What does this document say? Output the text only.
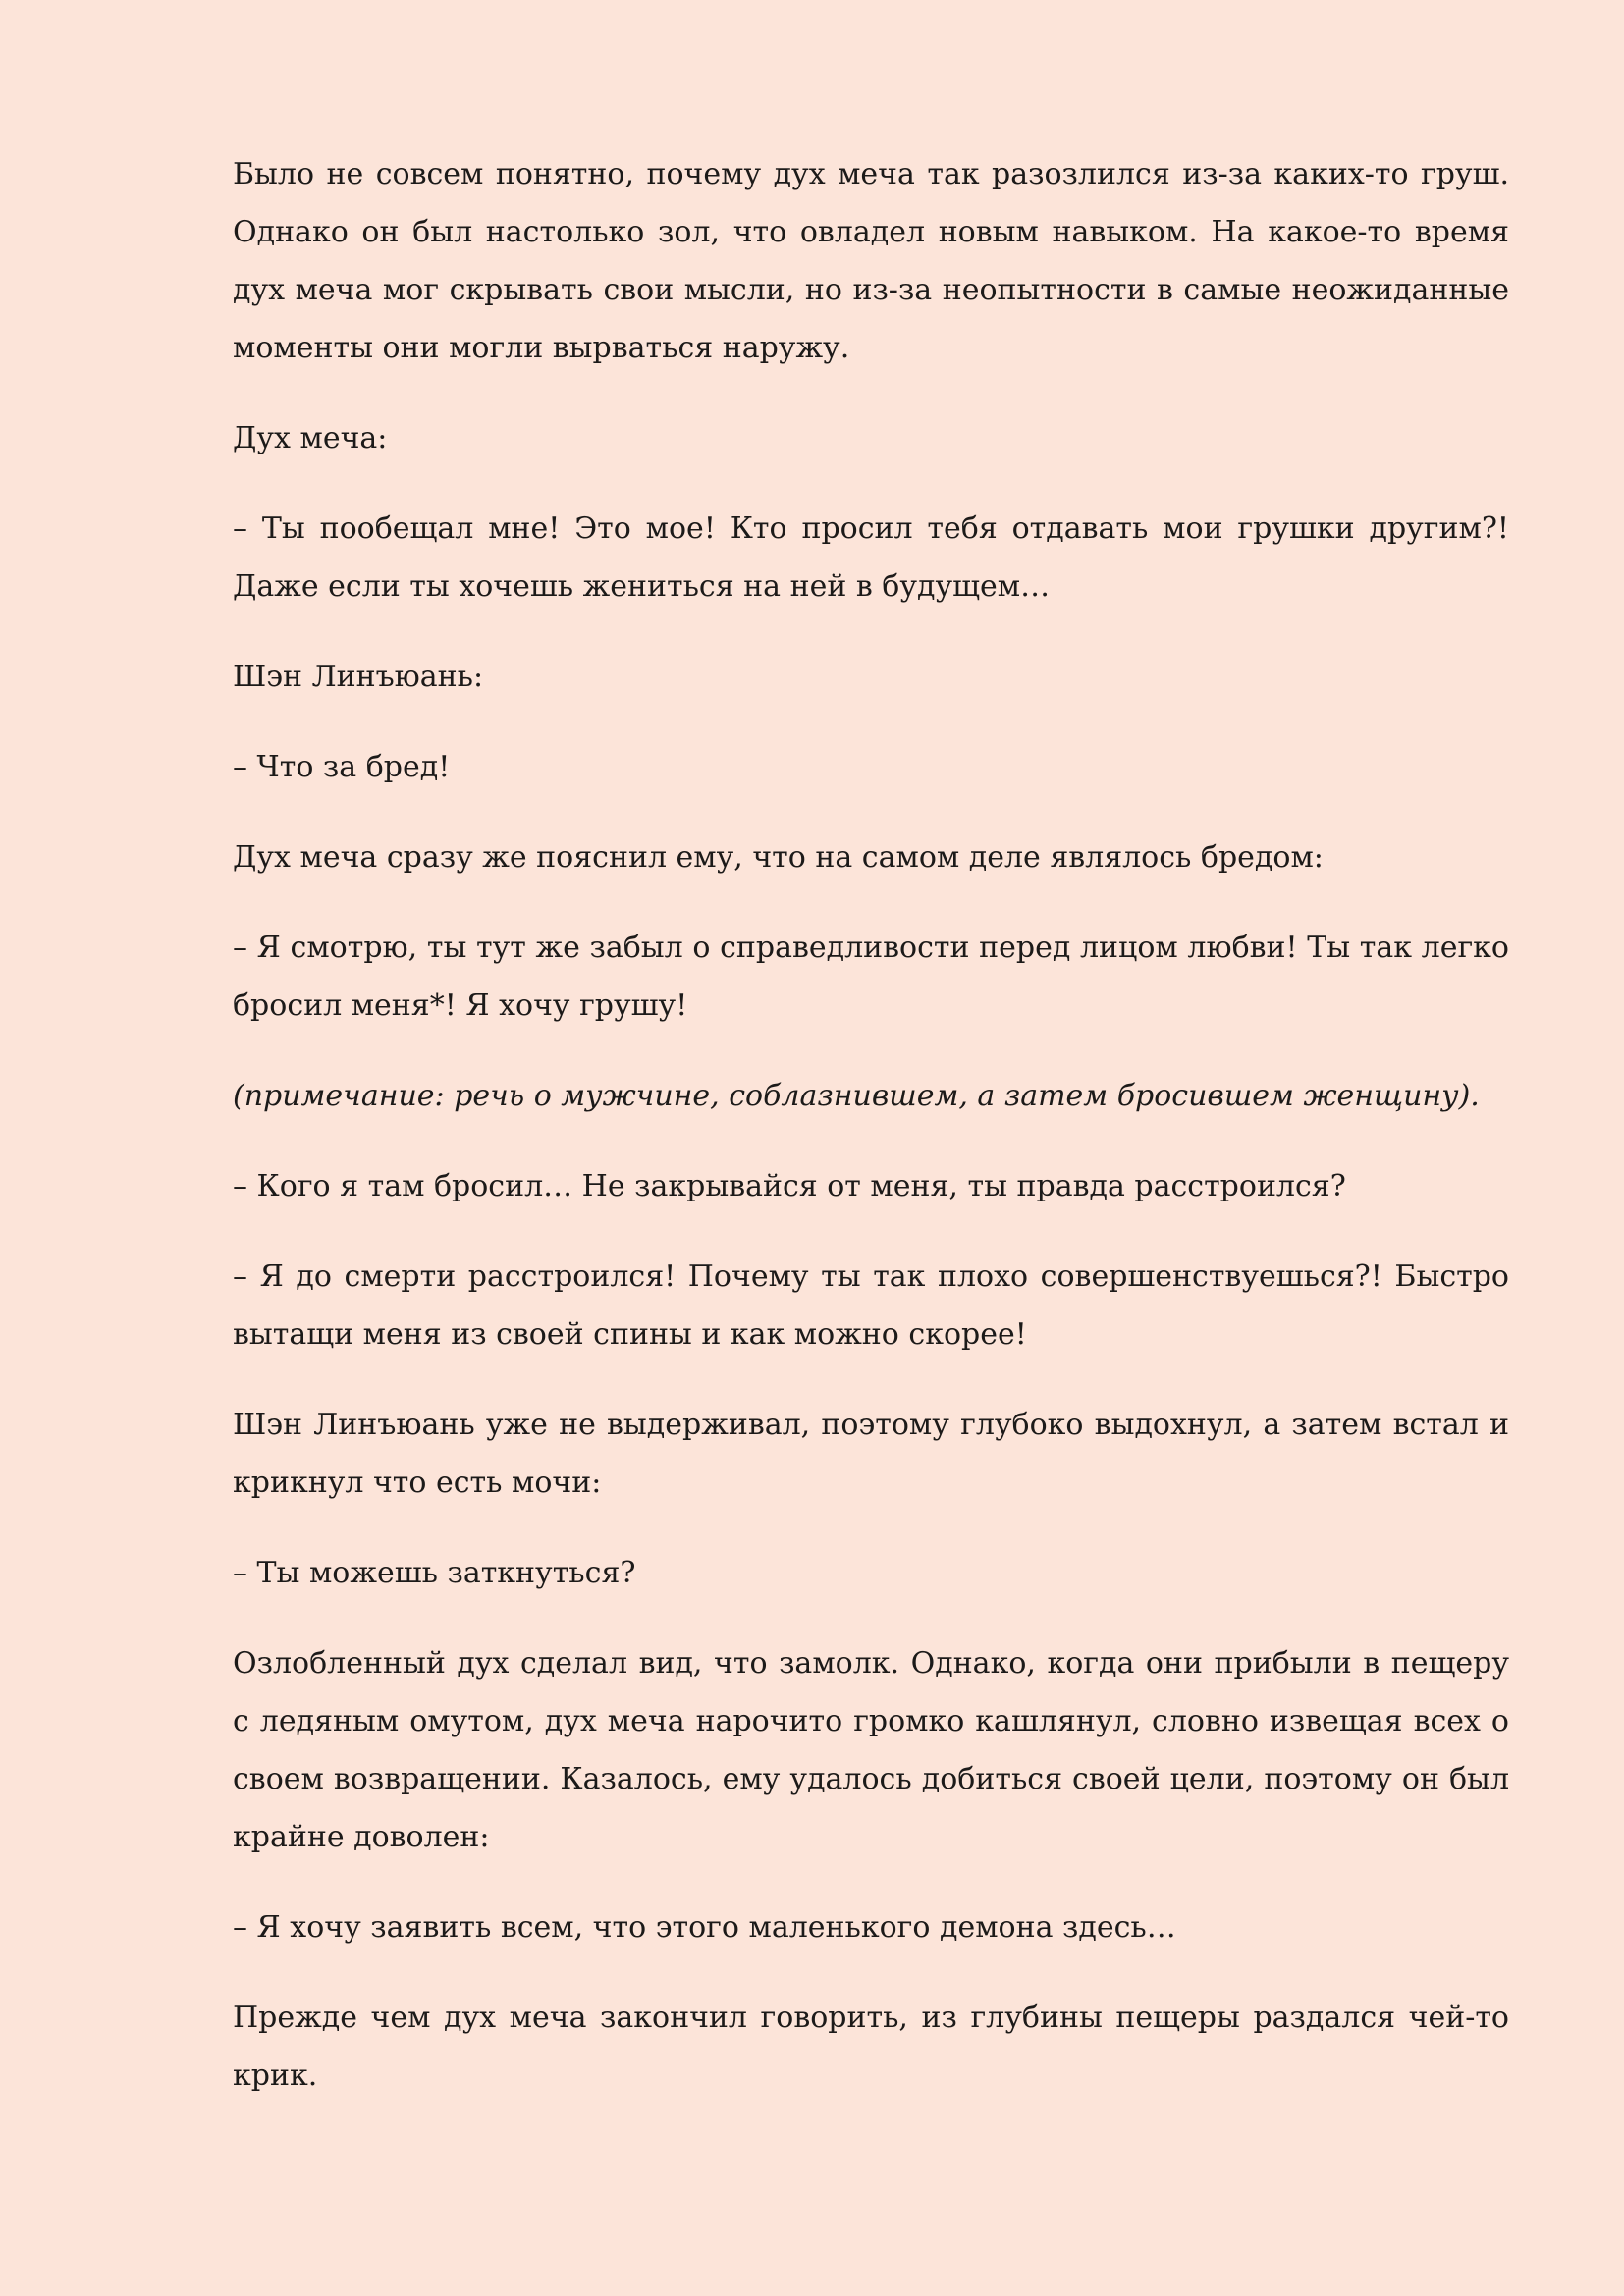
Было не совсем понятно, почему дух меча так разозлился из-за каких-то груш. Однако он был настолько зол, что овладел новым навыком. На какое-то время дух меча мог скрывать свои мысли, но из-за неопытности в самые неожиданные моменты они могли вырваться наружу.

Дух меча:

– Ты пообещал мне! Это мое! Кто просил тебя отдавать мои грушки другим?! Даже если ты хочешь жениться на ней в будущем…

Шэн Линъюань:

– Что за бред!

Дух меча сразу же пояснил ему, что на самом деле являлось бредом:

– Я смотрю, ты тут же забыл о справедливости перед лицом любви! Ты так легко бросил меня*! Я хочу грушу!

(примечание: речь о мужчине, соблазнившем, а затем бросившем женщину).

– Кого я там бросил… Не закрывайся от меня, ты правда расстроился?

– Я до смерти расстроился! Почему ты так плохо совершенствуешься?! Быстро вытащи меня из своей спины и как можно скорее!

Шэн Линъюань уже не выдерживал, поэтому глубоко выдохнул, а затем встал и крикнул что есть мочи:

– Ты можешь заткнуться?

Озлобленный дух сделал вид, что замолк. Однако, когда они прибыли в пещеру с ледяным омутом, дух меча нарочито громко кашлянул, словно извещая всех о своем возвращении. Казалось, ему удалось добиться своей цели, поэтому он был крайне доволен:

– Я хочу заявить всем, что этого маленького демона здесь…

Прежде чем дух меча закончил говорить, из глубины пещеры раздался чей-то крик.
